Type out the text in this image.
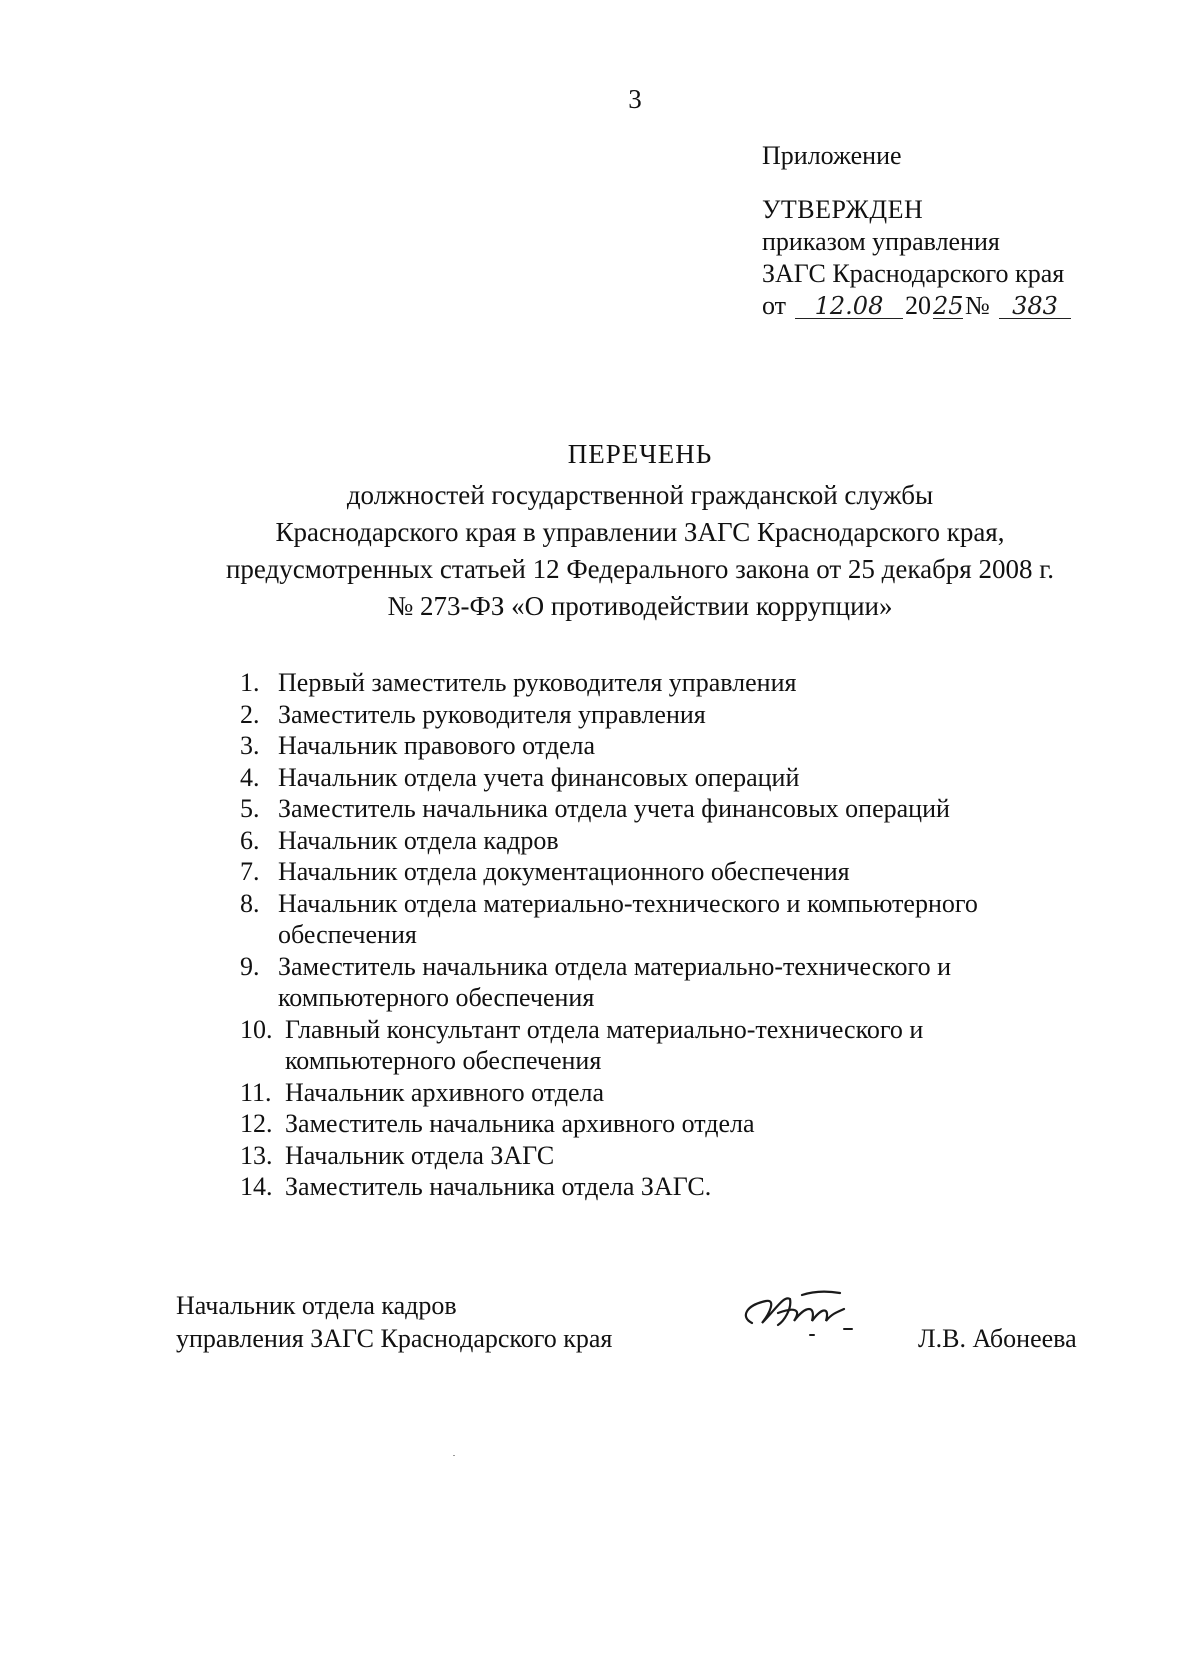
3
Приложение
УТВЕРЖДЕН
приказом управления
ЗАГС Краснодарского края
от	12.08 20 25 № 383
ПЕРЕЧЕНЬ
должностей государственной гражданской службы
Краснодарского края в управлении ЗАГС Краснодарского края,
предусмотренных статьей 12 Федерального закона от 25 декабря 2008 г.
№ 273-ФЗ «О противодействии коррупции»
1. Первый заместитель руководителя управления
2. Заместитель руководителя управления
3. Начальник правового отдела
4. Начальник отдела учета финансовых операций
5. Заместитель начальника отдела учета финансовых операций
6. Начальник отдела кадров
7. Начальник отдела документационного обеспечения
8. Начальник отдела материально-технического и компьютерного обеспечения
9. Заместитель начальника отдела материально-технического и компьютерного обеспечения
10. Главный консультант отдела материально-технического и компьютерного обеспечения
11. Начальник архивного отдела
12. Заместитель начальника архивного отдела
13. Начальник отдела ЗАГС
14. Заместитель начальника отдела ЗАГС.
Начальник отдела кадров
управления ЗАГС Краснодарского края	Л.В. Абонеева
